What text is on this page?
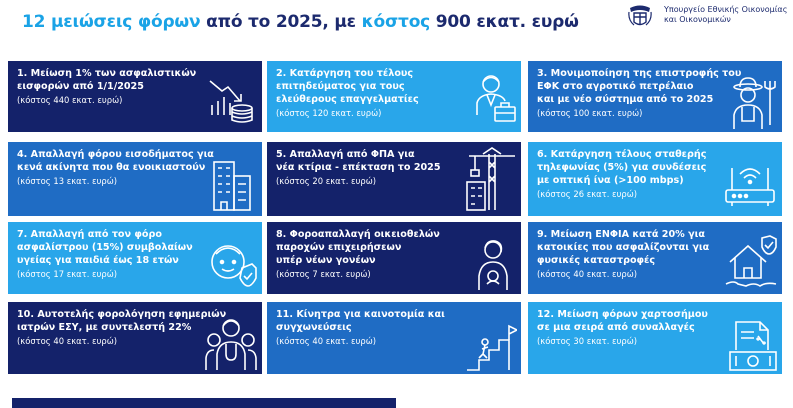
12 μειώσεις φόρων από το 2025, με κόστος 900 εκατ. ευρώ
Υπουργείο Εθνικής Οικονομίας
και Οικονομικών
1. Μείωση 1% των ασφαλιστικών
εισφορών από 1/1/2025
(κόστος 440 εκατ. ευρώ)
2. Κατάργηση του τέλους
επιτηδεύματος για τους
ελεύθερους επαγγελματίες
(κόστος 120 εκατ. ευρώ)
3. Μονιμοποίηση της επιστροφής του
ΕΦΚ στο αγροτικό πετρέλαιο
και με νέο σύστημα από το 2025
(κόστος 100 εκατ. ευρώ)
4. Απαλλαγή φόρου εισοδήματος για
κενά ακίνητα που θα ενοικιαστούν
(κόστος 13 εκατ. ευρώ)
5. Απαλλαγή από ΦΠΑ για
νέα κτίρια - επέκταση το 2025
(κόστος 20 εκατ. ευρώ)
6. Κατάργηση τέλους σταθερής
τηλεφωνίας (5%) για συνδέσεις
με οπτική ίνα (>100 mbps)
(κόστος 26 εκατ. ευρώ)
7. Απαλλαγή από τον φόρο
ασφαλίστρου (15%) συμβολαίων
υγείας για παιδιά έως 18 ετών
(κόστος 17 εκατ. ευρώ)
8. Φοροαπαλλαγή οικειοθελών
παροχών επιχειρήσεων
υπέρ νέων γονέων
(κόστος 7 εκατ. ευρώ)
9. Μείωση ΕΝΦΙΑ κατά 20% για
κατοικίες που ασφαλίζονται για
φυσικές καταστροφές
(κόστος 40 εκατ. ευρώ)
10. Αυτοτελής φορολόγηση εφημεριών
ιατρών ΕΣΥ, με συντελεστή 22%
(κόστος 40 εκατ. ευρώ)
11. Κίνητρα για καινοτομία και
συγχωνεύσεις
(κόστος 40 εκατ. ευρώ)
12. Μείωση φόρων χαρτοσήμου
σε μια σειρά από συναλλαγές
(κόστος 30 εκατ. ευρώ)
